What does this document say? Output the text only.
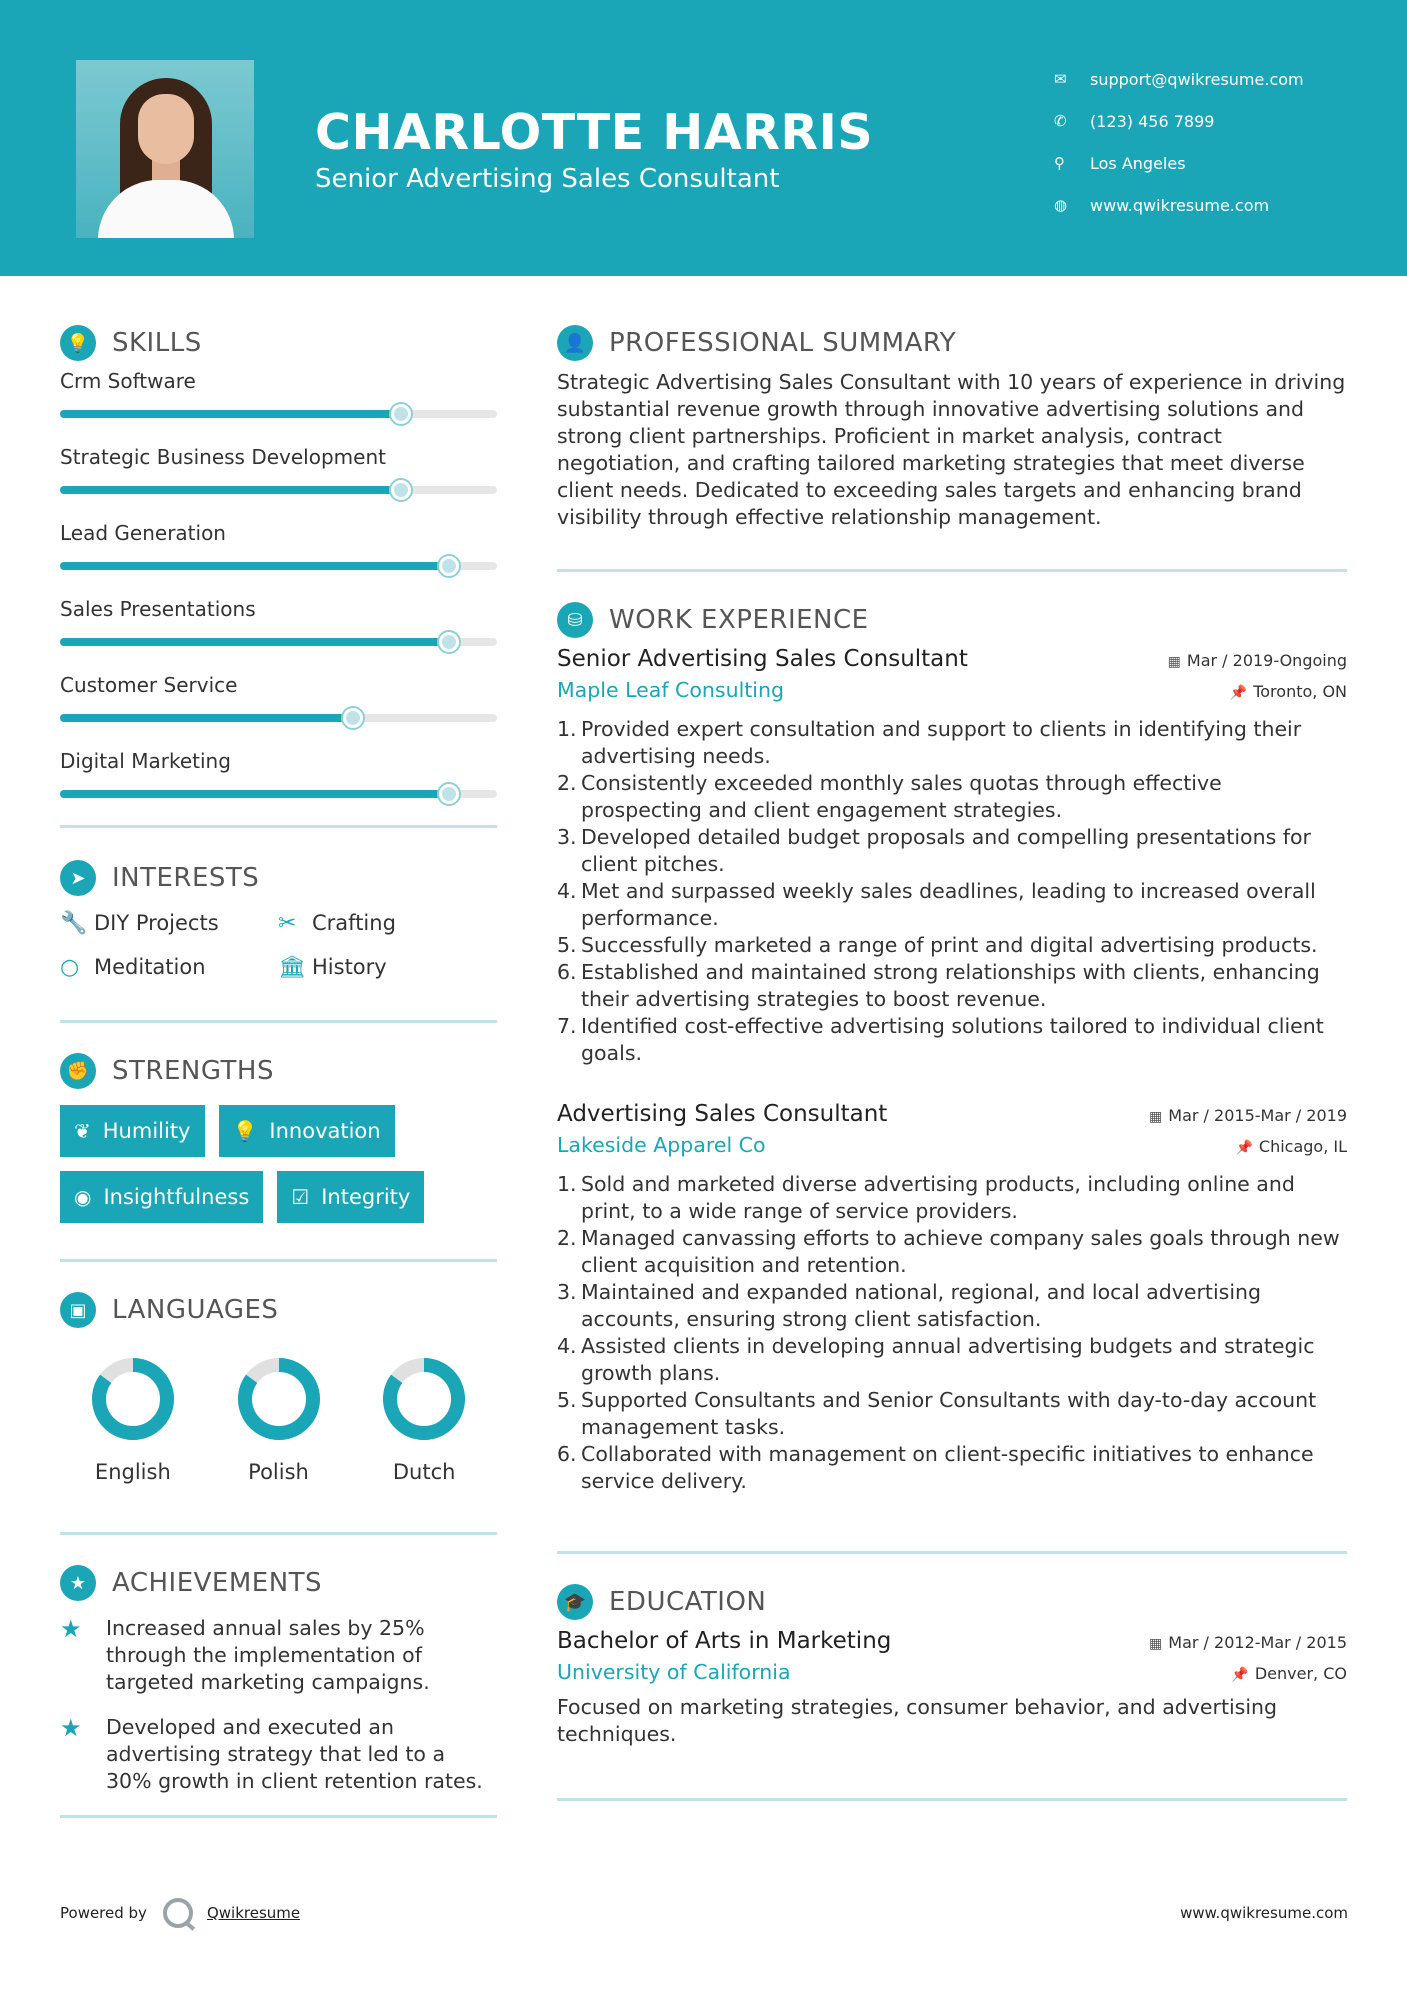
CHARLOTTE HARRIS
Senior Advertising Sales Consultant
✉	support@qwikresume.com
✆	(123) 456 7899
⚲	Los Angeles
◍	www.qwikresume.com
💡 SKILLS
Crm Software
Strategic Business Development
Lead Generation
Sales Presentations
Customer Service
Digital Marketing
➤	INTERESTS
🔧 DIY Projects	✂ Crafting
○ Meditation	🏛 History
✊ STRENGTHS
❦ Humility 💡 Innovation
◉ Insightfulness ☑ Integrity
▣ LANGUAGES
English	Polish	Dutch
★ ACHIEVEMENTS
★	Increased annual sales by 25% through the implementation of targeted marketing campaigns.
★	Developed and executed an advertising strategy that led to a 30% growth in client retention rates.
👤 PROFESSIONAL SUMMARY

Strategic Advertising Sales Consultant with 10 years of experience in driving substantial revenue growth through innovative advertising solutions and strong client partnerships. Proficient in market analysis, contract negotiation, and crafting tailored marketing strategies that meet diverse client needs. Dedicated to exceeding sales targets and enhancing brand visibility through effective relationship management.

⛁	WORK EXPERIENCE
Senior Advertising Sales Consultant	▦ Mar / 2019-Ongoing
Maple Leaf Consulting	📌 Toronto, ON
1. Provided expert consultation and support to clients in identifying their advertising needs.
2. Consistently exceeded monthly sales quotas through effective prospecting and client engagement strategies.
3. Developed detailed budget proposals and compelling presentations for client pitches.
4. Met and surpassed weekly sales deadlines, leading to increased overall performance.
5. Successfully marketed a range of print and digital advertising products.
6. Established and maintained strong relationships with clients, enhancing their advertising strategies to boost revenue.
7. Identified cost-effective advertising solutions tailored to individual client goals.
Advertising Sales Consultant	▦ Mar / 2015-Mar / 2019
Lakeside Apparel Co	📌 Chicago, IL
1. Sold and marketed diverse advertising products, including online and print, to a wide range of service providers.
2. Managed canvassing efforts to achieve company sales goals through new client acquisition and retention.
3. Maintained and expanded national, regional, and local advertising accounts, ensuring strong client satisfaction.
4. Assisted clients in developing annual advertising budgets and strategic growth plans.
5. Supported Consultants and Senior Consultants with day-to-day account management tasks.
6. Collaborated with management on client-specific initiatives to enhance service delivery.
🎓 EDUCATION
Bachelor of Arts in Marketing	▦ Mar / 2012-Mar / 2015
University of California	📌 Denver, CO

Focused on marketing strategies, consumer behavior, and advertising techniques.

Powered by	Qwikresume	www.qwikresume.com
